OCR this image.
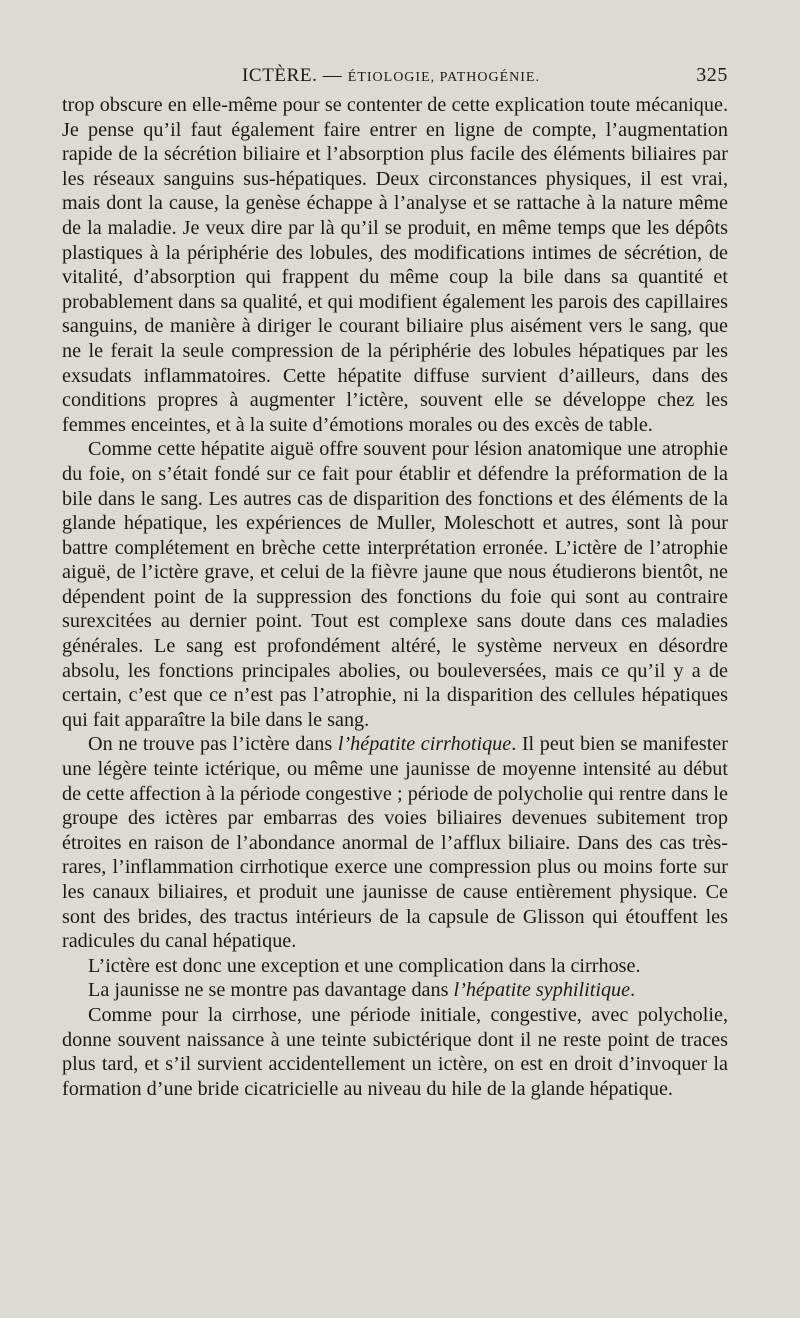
ICTÈRE. — ÉTIOLOGIE, PATHOGÉNIE.	325

trop obscure en elle-même pour se contenter de cette explication toute mécanique. Je pense qu’il faut également faire entrer en ligne de compte, l’augmentation rapide de la sécrétion biliaire et l’absorption plus facile des éléments biliaires par les réseaux sanguins sus-hépatiques. Deux circonstances physiques, il est vrai, mais dont la cause, la genèse échappe à l’analyse et se rattache à la nature même de la maladie. Je veux dire par là qu’il se produit, en même temps que les dépôts plastiques à la périphérie des lobules, des modifications intimes de sécrétion, de vitalité, d’absorption qui frappent du même coup la bile dans sa quantité et probablement dans sa qualité, et qui modifient également les parois des capillaires sanguins, de manière à diriger le courant biliaire plus aisément vers le sang, que ne le ferait la seule compression de la périphérie des lobules hépatiques par les exsudats inflammatoires. Cette hépatite diffuse survient d’ailleurs, dans des conditions propres à augmenter l’ictère, souvent elle se développe chez les femmes enceintes, et à la suite d’émotions morales ou des excès de table.

Comme cette hépatite aiguë offre souvent pour lésion anatomique une atrophie du foie, on s’était fondé sur ce fait pour établir et défendre la préformation de la bile dans le sang. Les autres cas de disparition des fonctions et des éléments de la glande hépatique, les expériences de Muller, Moleschott et autres, sont là pour battre complétement en brèche cette interprétation erronée. L’ictère de l’atrophie aiguë, de l’ictère grave, et celui de la fièvre jaune que nous étudierons bientôt, ne dépendent point de la suppression des fonctions du foie qui sont au contraire surexcitées au dernier point. Tout est complexe sans doute dans ces maladies générales. Le sang est profondément altéré, le système nerveux en désordre absolu, les fonctions principales abolies, ou bouleversées, mais ce qu’il y a de certain, c’est que ce n’est pas l’atrophie, ni la disparition des cellules hépatiques qui fait apparaître la bile dans le sang.

On ne trouve pas l’ictère dans l’hépatite cirrhotique. Il peut bien se manifester une légère teinte ictérique, ou même une jaunisse de moyenne intensité au début de cette affection à la période congestive ; période de polycholie qui rentre dans le groupe des ictères par embarras des voies biliaires devenues subitement trop étroites en raison de l’abondance anormal de l’afflux biliaire. Dans des cas très-rares, l’inflammation cirrhotique exerce une compression plus ou moins forte sur les canaux biliaires, et produit une jaunisse de cause entièrement physique. Ce sont des brides, des tractus intérieurs de la capsule de Glisson qui étouffent les radicules du canal hépatique.

L’ictère est donc une exception et une complication dans la cirrhose.

La jaunisse ne se montre pas davantage dans l’hépatite syphilitique.

Comme pour la cirrhose, une période initiale, congestive, avec polycholie, donne souvent naissance à une teinte subictérique dont il ne reste point de traces plus tard, et s’il survient accidentellement un ictère, on est en droit d’invoquer la formation d’une bride cicatricielle au niveau du hile de la glande hépatique.
